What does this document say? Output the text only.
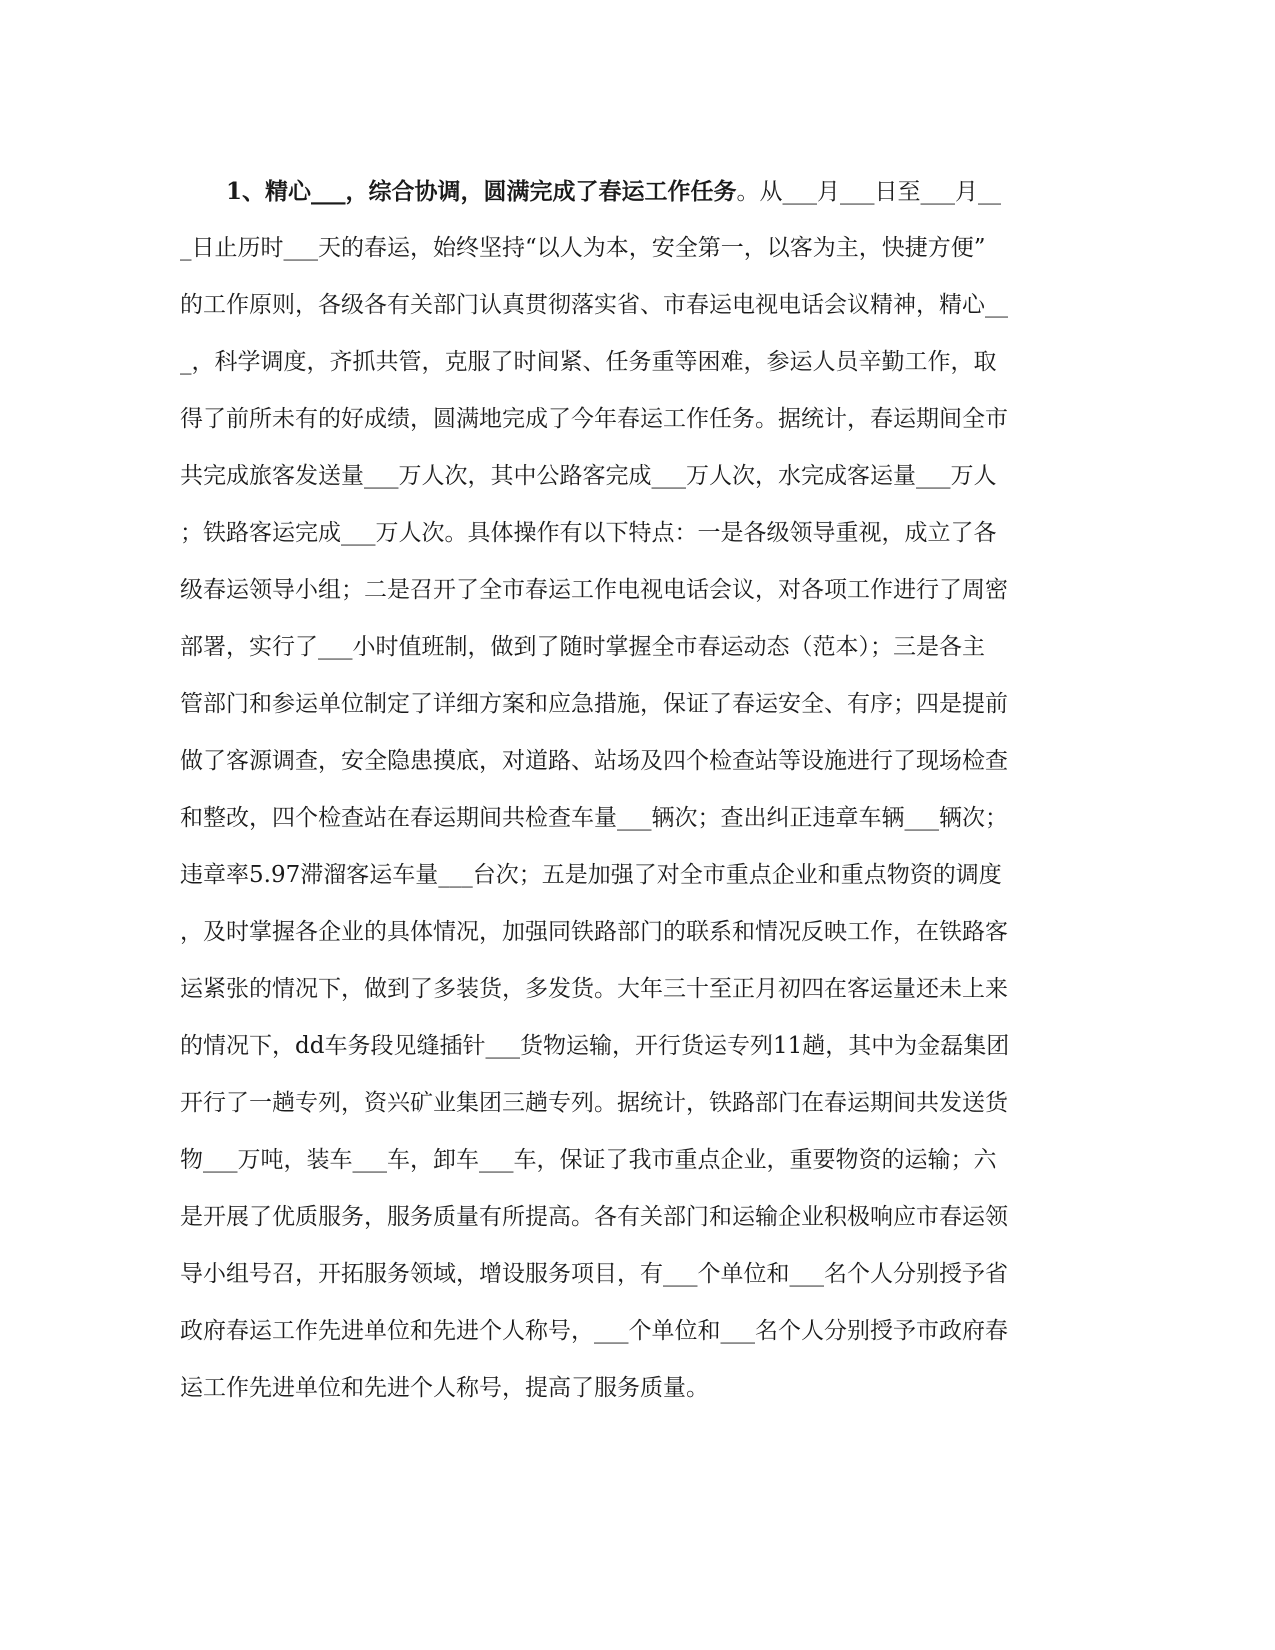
1、精心___，综合协调，圆满完成了春运工作任务。从___月___日至___月__
_日止历时___天的春运，始终坚持“以人为本，安全第一，以客为主，快捷方便”
的工作原则，各级各有关部门认真贯彻落实省、市春运电视电话会议精神，精心__
_，科学调度，齐抓共管，克服了时间紧、任务重等困难，参运人员辛勤工作，取
得了前所未有的好成绩，圆满地完成了今年春运工作任务。据统计，春运期间全市
共完成旅客发送量___万人次，其中公路客完成___万人次，水完成客运量___万人
；铁路客运完成___万人次。具体操作有以下特点：一是各级领导重视，成立了各
级春运领导小组；二是召开了全市春运工作电视电话会议，对各项工作进行了周密
部署，实行了___小时值班制，做到了随时掌握全市春运动态（范本）；三是各主
管部门和参运单位制定了详细方案和应急措施，保证了春运安全、有序；四是提前
做了客源调查，安全隐患摸底，对道路、站场及四个检查站等设施进行了现场检查
和整改，四个检查站在春运期间共检查车量___辆次；查出纠正违章车辆___辆次；
违章率5.97滞溜客运车量___台次；五是加强了对全市重点企业和重点物资的调度
，及时掌握各企业的具体情况，加强同铁路部门的联系和情况反映工作，在铁路客
运紧张的情况下，做到了多装货，多发货。大年三十至正月初四在客运量还未上来
的情况下，dd车务段见缝插针___货物运输，开行货运专列11趟，其中为金磊集团
开行了一趟专列，资兴矿业集团三趟专列。据统计，铁路部门在春运期间共发送货
物___万吨，装车___车，卸车___车，保证了我市重点企业，重要物资的运输；六
是开展了优质服务，服务质量有所提高。各有关部门和运输企业积极响应市春运领
导小组号召，开拓服务领域，增设服务项目，有___个单位和___名个人分别授予省
政府春运工作先进单位和先进个人称号，___个单位和___名个人分别授予市政府春
运工作先进单位和先进个人称号，提高了服务质量。
